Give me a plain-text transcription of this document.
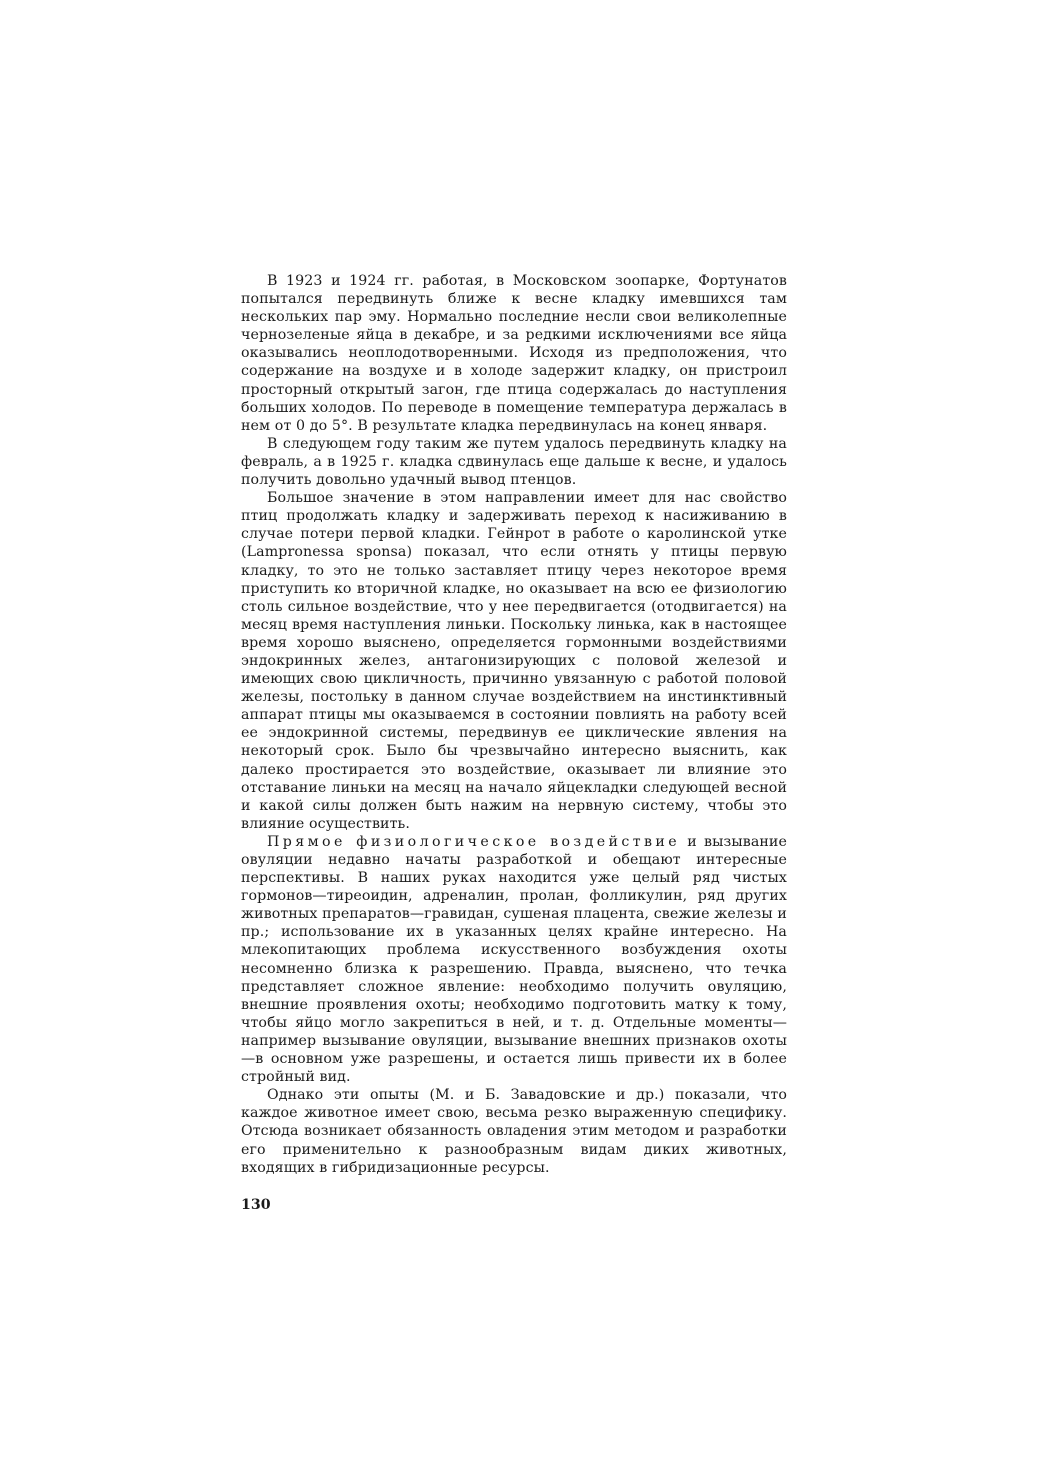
В 1923 и 1924 гг. работая, в Московском зоопарке, Фортунатов попытался передвинуть ближе к весне кладку имевшихся там нескольких пар эму. Нормально последние несли свои великолепные чернозеленые яйца в декабре, и за редкими исключениями все яйца оказывались неоплодотворенными. Исходя из предположения, что содержание на воздухе и в холоде задержит кладку, он пристроил просторный открытый загон, где птица содержалась до наступления больших холодов. По переводе в помещение температура держалась в нем от 0 до 5°. В результате кладка передвинулась на конец января.

В следующем году таким же путем удалось передвинуть кладку на февраль, а в 1925 г. кладка сдвинулась еще дальше к весне, и удалось получить довольно удачный вывод птенцов.

Большое значение в этом направлении имеет для нас свойство птиц продолжать кладку и задерживать переход к насиживанию в случае потери первой кладки. Гейнрот в работе о каролинской утке (Lampronessa sponsa) показал, что если отнять у птицы первую кладку, то это не только заставляет птицу через некоторое время приступить ко вторичной кладке, но оказывает на всю ее физиологию столь сильное воздействие, что у нее передвигается (отодвигается) на месяц время наступления линьки. Поскольку линька, как в настоящее время хорошо выяснено, определяется гормонными воздействиями эндокринных желез, антагонизирующих с половой железой и имеющих свою цикличность, причинно увязанную с работой половой железы, постольку в данном случае воздействием на инстинктивный аппарат птицы мы оказываемся в состоянии повлиять на работу всей ее эндокринной системы, передвинув ее циклические явления на некоторый срок. Было бы чрезвычайно интересно выяснить, как далеко простирается это воздействие, оказывает ли влияние это отставание линьки на месяц на начало яйцекладки следующей весной и какой силы должен быть нажим на нервную систему, чтобы это влияние осуществить.

Прямое физиологическое воздействие и вызывание овуляции недавно начаты разработкой и обещают интересные перспективы. В наших руках находится уже целый ряд чистых гормонов—тиреоидин, адреналин, пролан, фолликулин, ряд других животных препаратов—гравидан, сушеная плацента, свежие железы и пр.; использование их в указанных целях крайне интересно. На млекопитающих проблема искусственного возбуждения охоты несомненно близка к разрешению. Правда, выяснено, что течка представляет сложное явление: необходимо получить овуляцию, внешние проявления охоты; необходимо подготовить матку к тому, чтобы яйцо могло закрепиться в ней, и т. д. Отдельные моменты—например вызывание овуляции, вызывание внешних признаков охоты—в основном уже разрешены, и остается лишь привести их в более стройный вид.

Однако эти опыты (М. и Б. Завадовские и др.) показали, что каждое животное имеет свою, весьма резко выраженную специфику. Отсюда возникает обязанность овладения этим методом и разработки его применительно к разнообразным видам диких животных, входящих в гибридизационные ресурсы.

130
